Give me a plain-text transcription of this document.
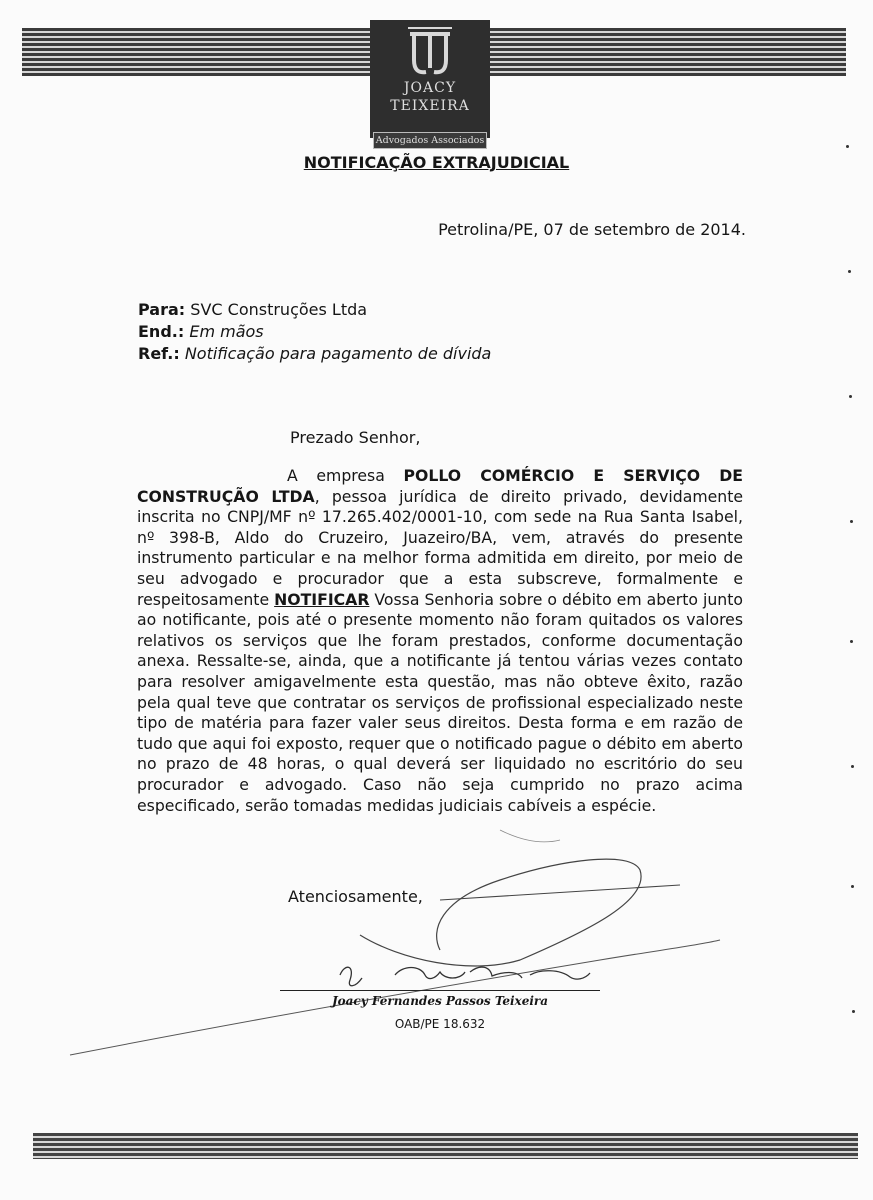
JOACY
TEIXEIRA
Advogados Associados
NOTIFICAÇÃO EXTRAJUDICIAL
Petrolina/PE, 07 de setembro de 2014.
Para: SVC Construções Ltda
End.: Em mãos
Ref.: Notificação para pagamento de dívida
Prezado Senhor,
A empresa POLLO COMÉRCIO E SERVIÇO DE CONSTRUÇÃO LTDA, pessoa jurídica de direito privado, devidamente inscrita no CNPJ/MF nº 17.265.402/0001-10, com sede na Rua Santa Isabel, nº 398-B, Aldo do Cruzeiro, Juazeiro/BA, vem, através do presente instrumento particular e na melhor forma admitida em direito, por meio de seu advogado e procurador que a esta subscreve, formalmente e respeitosamente NOTIFICAR Vossa Senhoria sobre o débito em aberto junto ao notificante, pois até o presente momento não foram quitados os valores relativos os serviços que lhe foram prestados, conforme documentação anexa. Ressalte-se, ainda, que a notificante já tentou várias vezes contato para resolver amigavelmente esta questão, mas não obteve êxito, razão pela qual teve que contratar os serviços de profissional especializado neste tipo de matéria para fazer valer seus direitos. Desta forma e em razão de tudo que aqui foi exposto, requer que o notificado pague o débito em aberto no prazo de 48 horas, o qual deverá ser liquidado no escritório do seu procurador e advogado. Caso não seja cumprido no prazo acima especificado, serão tomadas medidas judiciais cabíveis a espécie.
Atenciosamente,
Joacy Fernandes Passos Teixeira
OAB/PE 18.632
